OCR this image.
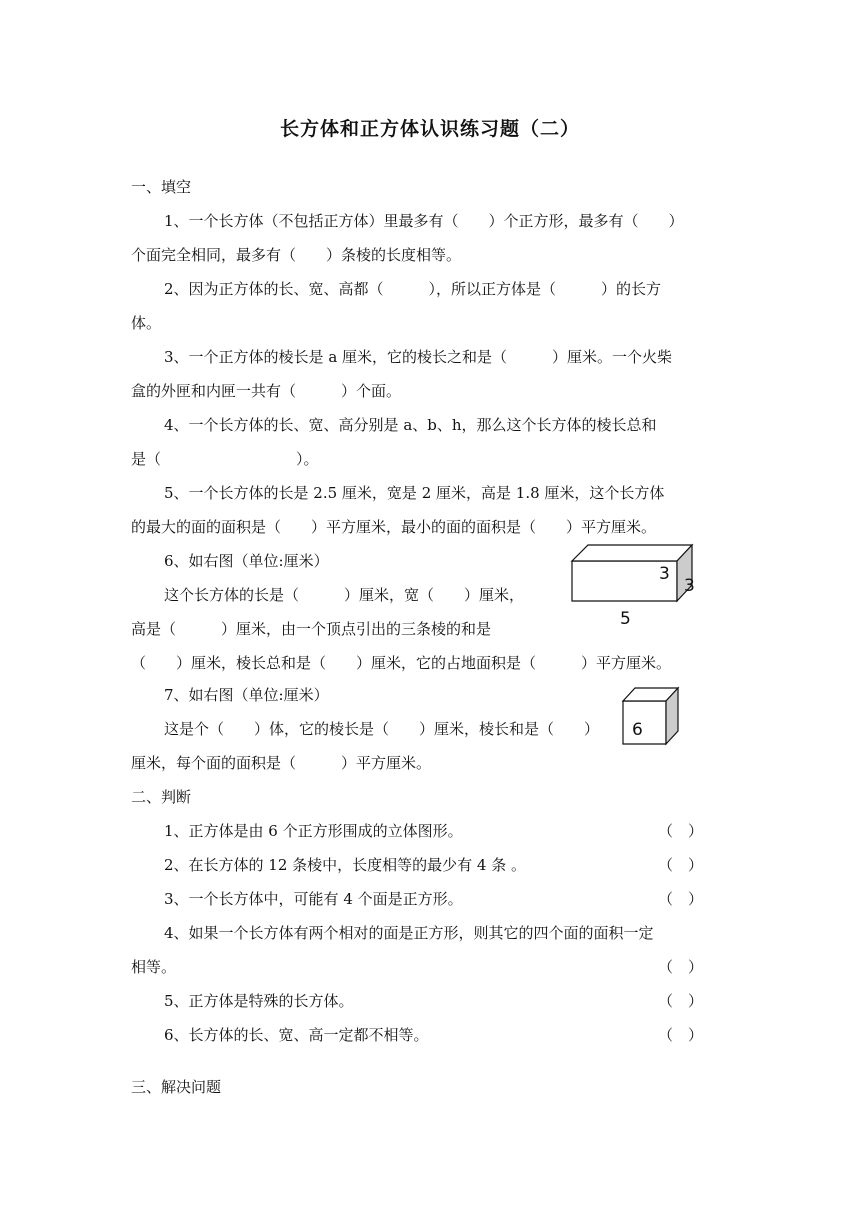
长方体和正方体认识练习题（二）
一、填空
1、一个长方体（不包括正方体）里最多有（　　）个正方形，最多有（　　）
个面完全相同，最多有（　　）条棱的长度相等。
2、因为正方体的长、宽、高都（　　　），所以正方体是（　　　）的长方
体。
3、一个正方体的棱长是 a 厘米，它的棱长之和是（　　　）厘米。一个火柴
盒的外匣和内匣一共有（　　　）个面。
4、一个长方体的长、宽、高分别是 a、b、h，那么这个长方体的棱长总和
是（　　　　　　　　　）。
5、一个长方体的长是 2.5 厘米，宽是 2 厘米，高是 1.8 厘米，这个长方体
的最大的面的面积是（　　）平方厘米，最小的面的面积是（　　）平方厘米。
6、如右图（单位:厘米）
这个长方体的长是（　　　）厘米，宽（　　）厘米，
高是（　　　）厘米，由一个顶点引出的三条棱的和是
（　　）厘米，棱长总和是（　　）厘米，它的占地面积是（　　　）平方厘米。
3
3
5
7、如右图（单位:厘米）
这是个（　　）体，它的棱长是（　　）厘米，棱长和是（　　）
厘米，每个面的面积是（　　　）平方厘米。
6
二、判断
1、正方体是由 6 个正方形围成的立体图形。	（　）
2、在长方体的 12 条棱中，长度相等的最少有 4 条 。	（　）
3、一个长方体中，可能有 4 个面是正方形。	（　）
4、如果一个长方体有两个相对的面是正方形，则其它的四个面的面积一定
相等。	（　）
5、正方体是特殊的长方体。	（　）
6、长方体的长、宽、高一定都不相等。	（　）
三、解决问题
